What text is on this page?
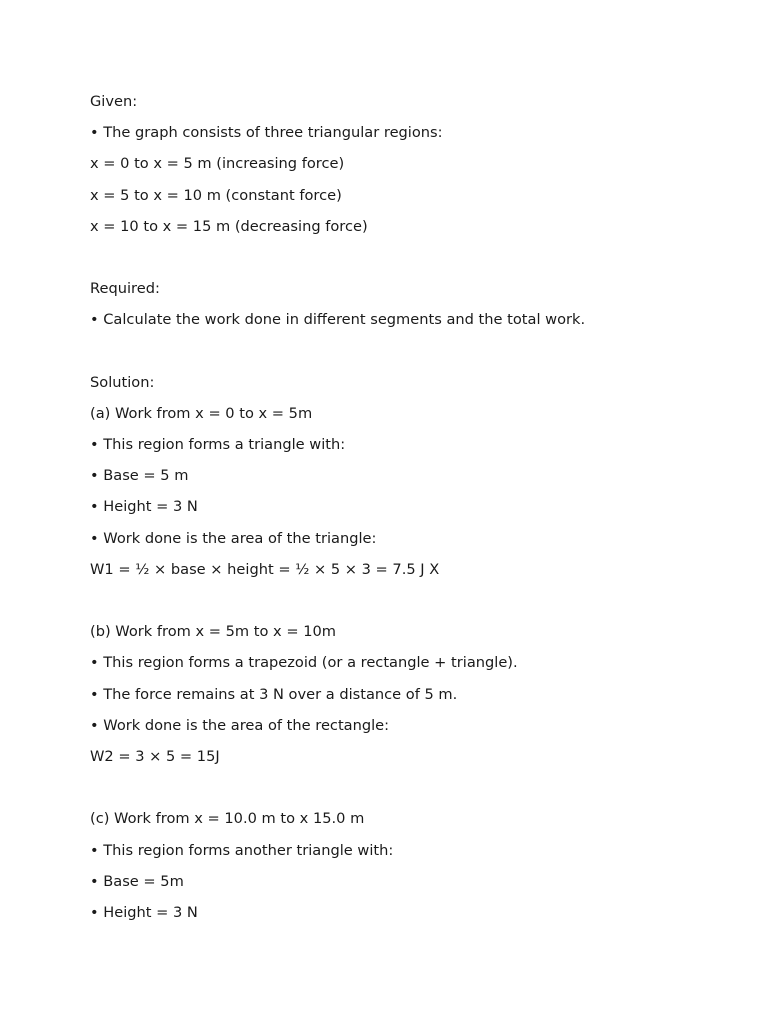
Given:
• The graph consists of three triangular regions:
x = 0 to x = 5 m (increasing force)
x = 5 to x = 10 m (constant force)
x = 10 to x = 15 m (decreasing force)
Required:
• Calculate the work done in different segments and the total work.
Solution:
(a) Work from x = 0 to x = 5m
• This region forms a triangle with:
• Base = 5 m
• Height = 3 N
• Work done is the area of the triangle:
W1 = ½ × base × height = ½ × 5 × 3 = 7.5 J X
(b) Work from x = 5m to x = 10m
• This region forms a trapezoid (or a rectangle + triangle).
• The force remains at 3 N over a distance of 5 m.
• Work done is the area of the rectangle:
W2 = 3 × 5 = 15J
(c) Work from x = 10.0 m to x 15.0 m
• This region forms another triangle with:
• Base = 5m
• Height = 3 N
